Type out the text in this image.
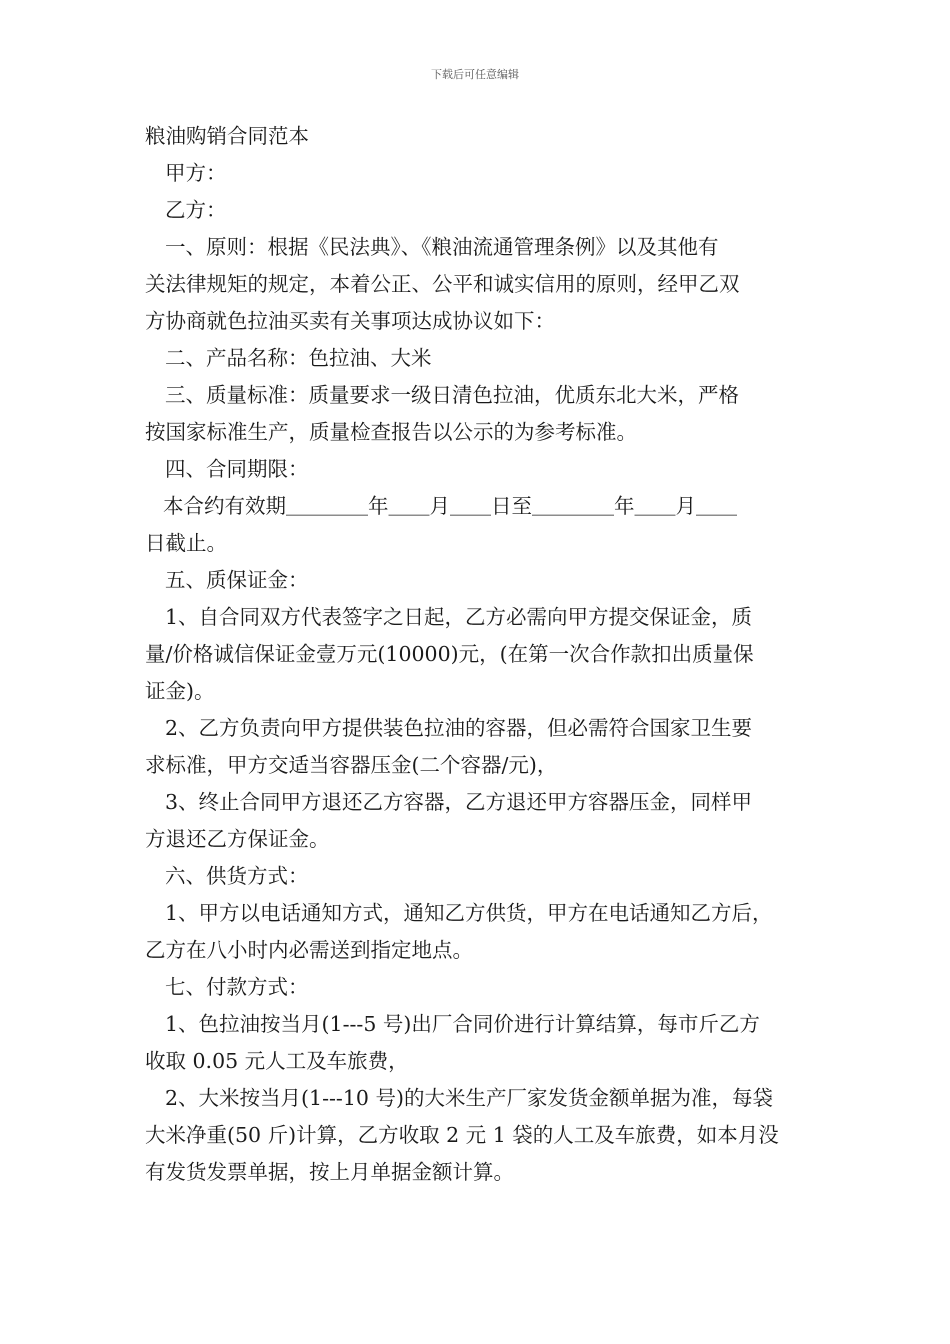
下载后可任意编辑
粮油购销合同范本
甲方：
乙方：
一、原则：根据《民法典》、《粮油流通管理条例》以及其他有
关法律规矩的规定，本着公正、公平和诚实信用的原则，经甲乙双
方协商就色拉油买卖有关事项达成协议如下：
二、产品名称：色拉油、大米
三、质量标准：质量要求一级日清色拉油，优质东北大米，严格
按国家标准生产，质量检查报告以公示的为参考标准。
四、合同期限：
本合约有效期＿＿＿＿年＿＿月＿＿日至＿＿＿＿年＿＿月＿＿
日截止。
五、质保证金：
1、自合同双方代表签字之日起，乙方必需向甲方提交保证金，质
量/价格诚信保证金壹万元(10000)元，(在第一次合作款扣出质量保
证金)。
2、乙方负责向甲方提供装色拉油的容器，但必需符合国家卫生要
求标准，甲方交适当容器压金(二个容器/元)，
3、终止合同甲方退还乙方容器，乙方退还甲方容器压金，同样甲
方退还乙方保证金。
六、供货方式：
1、甲方以电话通知方式，通知乙方供货，甲方在电话通知乙方后，
乙方在八小时内必需送到指定地点。
七、付款方式：
1、色拉油按当月(1---5 号)出厂合同价进行计算结算，每市斤乙方
收取 0.05 元人工及车旅费，
2、大米按当月(1---10 号)的大米生产厂家发货金额单据为准，每袋
大米净重(50 斤)计算，乙方收取 2 元 1 袋的人工及车旅费，如本月没
有发货发票单据，按上月单据金额计算。
